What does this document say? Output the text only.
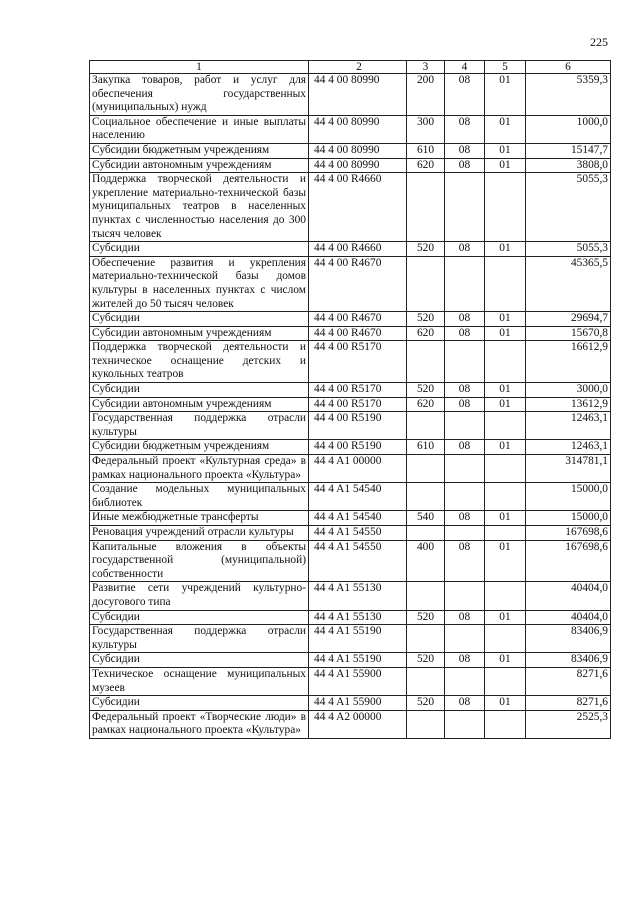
225
1	2	3	4	5	6
Закупка товаров, работ и услуг для обеспечения государственных (муниципальных) нужд	44 4 00 80990	200	08	01	5359,3
Социальное обеспечение и иные выплаты населению	44 4 00 80990	300	08	01	1000,0
Субсидии бюджетным учреждениям	44 4 00 80990	610	08	01	15147,7
Субсидии автономным учреждениям	44 4 00 80990	620	08	01	3808,0
Поддержка творческой деятельности и укрепление материально-технической базы муниципальных театров в населенных пунктах с численностью населения до 300 тысяч человек	44 4 00 R4660				5055,3
Субсидии	44 4 00 R4660	520	08	01	5055,3
Обеспечение развития и укрепления материально-технической базы домов культуры в населенных пунктах с числом жителей до 50 тысяч человек	44 4 00 R4670				45365,5
Субсидии	44 4 00 R4670	520	08	01	29694,7
Субсидии автономным учреждениям	44 4 00 R4670	620	08	01	15670,8
Поддержка творческой деятельности и техническое оснащение детских и кукольных театров	44 4 00 R5170				16612,9
Субсидии	44 4 00 R5170	520	08	01	3000,0
Субсидии автономным учреждениям	44 4 00 R5170	620	08	01	13612,9
Государственная поддержка отрасли культуры	44 4 00 R5190				12463,1
Субсидии бюджетным учреждениям	44 4 00 R5190	610	08	01	12463,1
Федеральный проект «Культурная среда» в рамках национального проекта «Культура»	44 4 A1 00000				314781,1
Создание модельных муниципальных библиотек	44 4 A1 54540				15000,0
Иные межбюджетные трансферты	44 4 A1 54540	540	08	01	15000,0
Реновация учреждений отрасли культуры	44 4 A1 54550				167698,6
Капитальные вложения в объекты государственной (муниципальной) собственности	44 4 A1 54550	400	08	01	167698,6
Развитие сети учреждений культурно-досугового типа	44 4 A1 55130				40404,0
Субсидии	44 4 A1 55130	520	08	01	40404,0
Государственная поддержка отрасли культуры	44 4 A1 55190				83406,9
Субсидии	44 4 A1 55190	520	08	01	83406,9
Техническое оснащение муниципальных музеев	44 4 A1 55900				8271,6
Субсидии	44 4 A1 55900	520	08	01	8271,6
Федеральный проект «Творческие люди» в рамках национального проекта «Культура»	44 4 A2 00000				2525,3
